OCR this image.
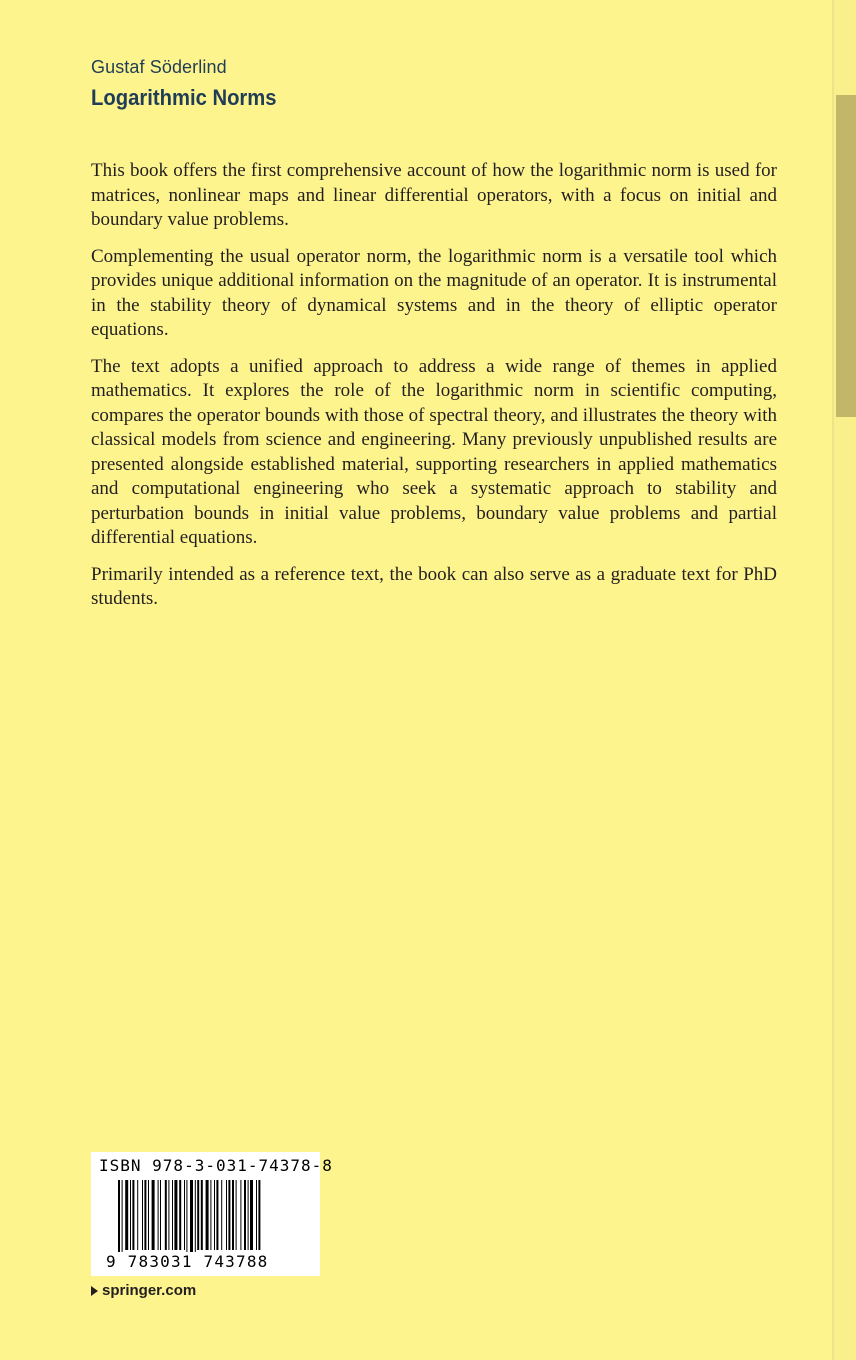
Gustaf Söderlind
Logarithmic Norms

This book offers the first comprehensive account of how the logarithmic norm is used for matrices, nonlinear maps and linear differential operators, with a focus on initial and boundary value problems.

Complementing the usual operator norm, the logarithmic norm is a versatile tool which provides unique additional information on the magnitude of an operator. It is instrumental in the stability theory of dynamical systems and in the theory of elliptic operator equations.

The text adopts a unified approach to address a wide range of themes in applied mathematics. It explores the role of the logarithmic norm in scientific computing, compares the operator bounds with those of spectral theory, and illustrates the theory with classical models from science and engineering. Many previously unpublished results are presented alongside established material, supporting researchers in applied mathematics and computational engineering who seek a systematic approach to stability and perturbation bounds in initial value problems, boundary value problems and partial differential equations.

Primarily intended as a reference text, the book can also serve as a graduate text for PhD students.

ISBN 978-3-031-74378-8
9 783031 743788
springer.com
